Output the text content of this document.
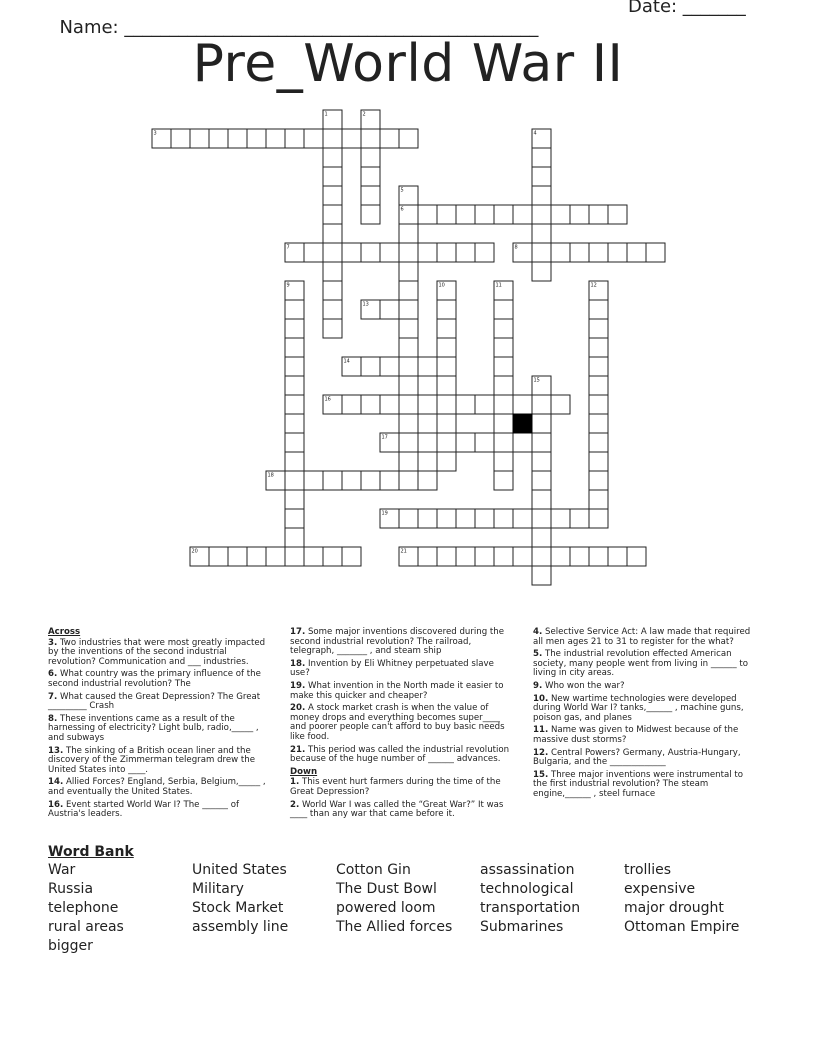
Name: ______________________________________________

Date: _______

Pre_World War II
1	2
3	4
5
6
7	8
9	10	11	12
13
14
15
16
17
18
19
20	21

Across

3. Two industries that were most greatly impacted by the inventions of the second industrial revolution? Communication and ___ industries.

6. What country was the primary influence of the second industrial revolution? The

7. What caused the Great Depression? The Great _________ Crash

8. These inventions came as a result of the harnessing of electricity? Light bulb, radio,_____ , and subways

13. The sinking of a British ocean liner and the discovery of the Zimmerman telegram drew the United States into ____.

14. Allied Forces? England, Serbia, Belgium,_____ , and eventually the United States.

16. Event started World War I? The ______ of Austria's leaders.

17. Some major inventions discovered during the second industrial revolution? The railroad, telegraph, _______ , and steam ship

18. Invention by Eli Whitney perpetuated slave use?

19. What invention in the North made it easier to make this quicker and cheaper?

20. A stock market crash is when the value of money drops and everything becomes super____ and poorer people can't afford to buy basic needs like food.

21. This period was called the industrial revolution because of the huge number of ______ advances.

Down

1. This event hurt farmers during the time of the Great Depression?

2. World War I was called the “Great War?” It was ____ than any war that came before it.

4. Selective Service Act: A law made that required all men ages 21 to 31 to register for the what?

5. The industrial revolution effected American society, many people went from living in ______ to living in city areas.

9. Who won the war?

10. New wartime technologies were developed during World War I? tanks,______ , machine guns, poison gas, and planes

11. Name was given to Midwest because of the massive dust storms?

12. Central Powers? Germany, Austria-Hungary, Bulgaria, and the _____________

15. Three major inventions were instrumental to the first industrial revolution? The steam engine,______ , steel furnace

Word Bank
War
Russia
telephone
rural areas
bigger
United States
Military
Stock Market
assembly line
Cotton Gin
The Dust Bowl
powered loom
The Allied forces
assassination
technological
transportation
Submarines
trollies
expensive
major drought
Ottoman Empire
